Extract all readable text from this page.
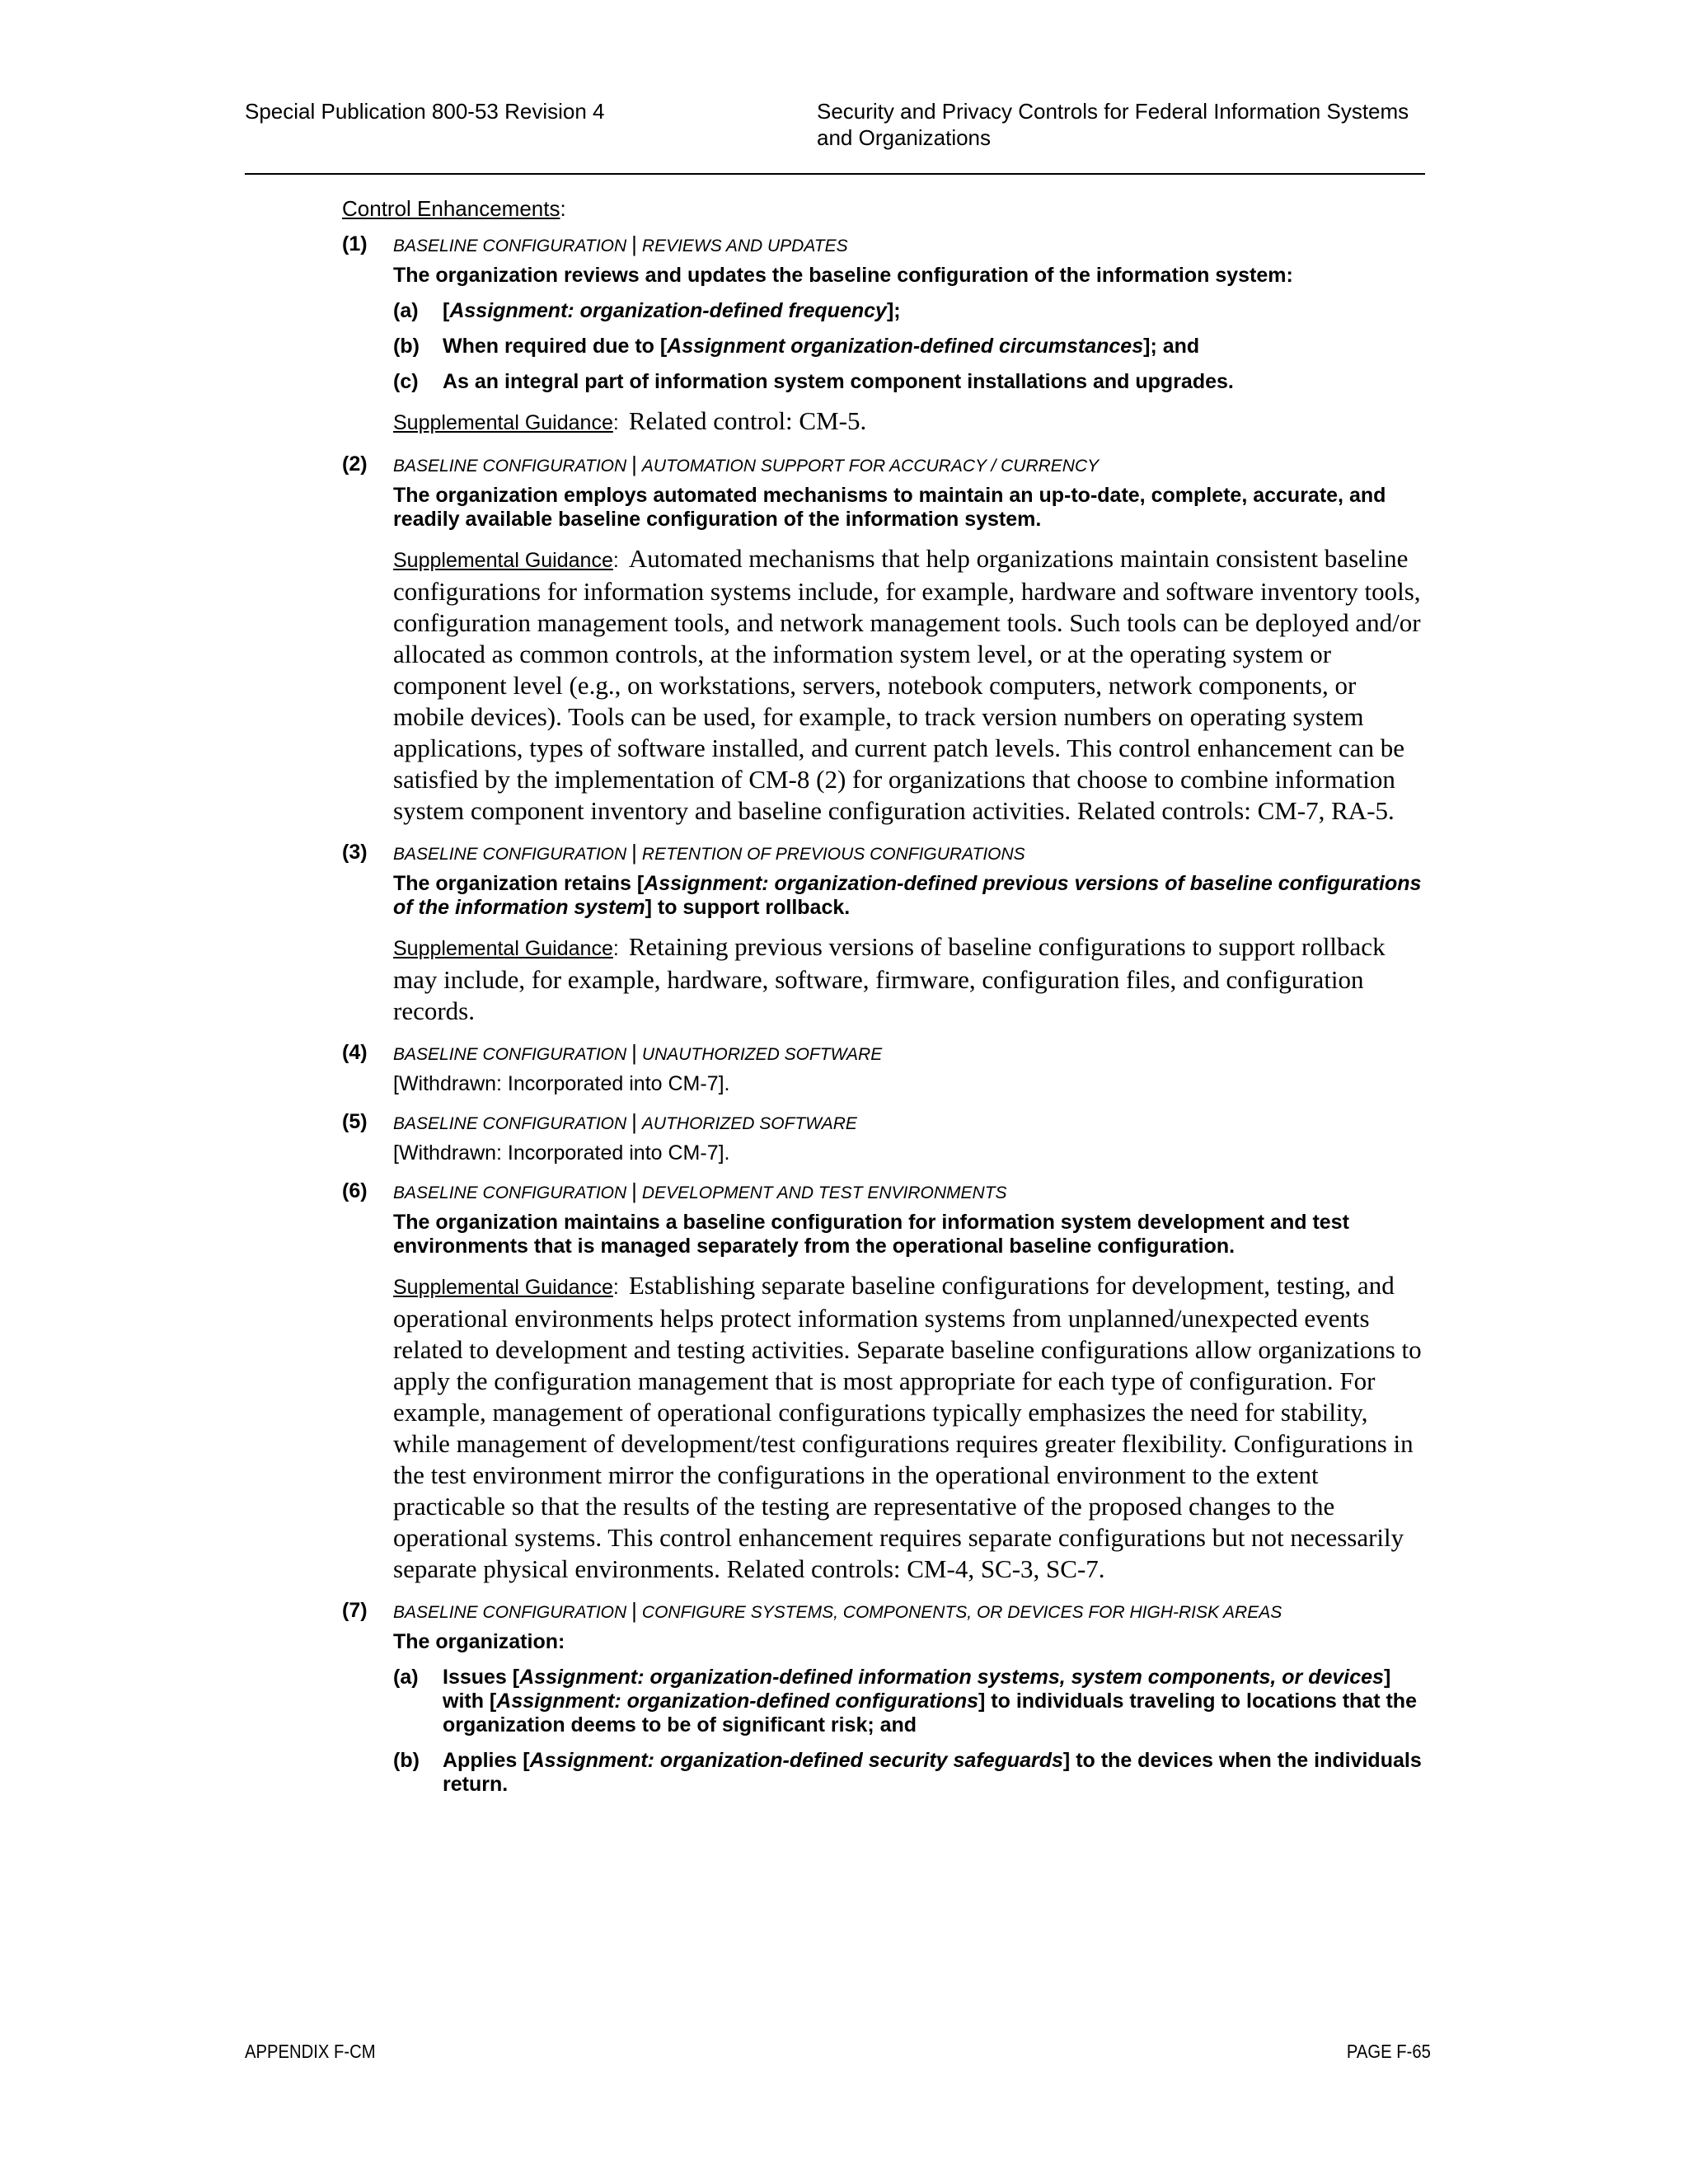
Special Publication 800-53 Revision 4	Security and Privacy Controls for Federal Information Systems
and Organizations
Control Enhancements:
(1) BASELINE CONFIGURATION | REVIEWS AND UPDATES

The organization reviews and updates the baseline configuration of the information system:

(a) [Assignment: organization-defined frequency];
(b) When required due to [Assignment organization-defined circumstances]; and
(c) As an integral part of information system component installations and upgrades.

Supplemental Guidance: Related control: CM-5.

(2) BASELINE CONFIGURATION | AUTOMATION SUPPORT FOR ACCURACY / CURRENCY

The organization employs automated mechanisms to maintain an up-to-date, complete, accurate, and readily available baseline configuration of the information system.

Supplemental Guidance: Automated mechanisms that help organizations maintain consistent baseline configurations for information systems include, for example, hardware and software inventory tools, configuration management tools, and network management tools. Such tools can be deployed and/or allocated as common controls, at the information system level, or at the operating system or component level (e.g., on workstations, servers, notebook computers, network components, or mobile devices). Tools can be used, for example, to track version numbers on operating system applications, types of software installed, and current patch levels. This control enhancement can be satisfied by the implementation of CM-8 (2) for organizations that choose to combine information system component inventory and baseline configuration activities. Related controls: CM-7, RA-5.

(3) BASELINE CONFIGURATION | RETENTION OF PREVIOUS CONFIGURATIONS

The organization retains [Assignment: organization-defined previous versions of baseline configurations of the information system] to support rollback.

Supplemental Guidance: Retaining previous versions of baseline configurations to support rollback may include, for example, hardware, software, firmware, configuration files, and configuration records.

(4) BASELINE CONFIGURATION | UNAUTHORIZED SOFTWARE

[Withdrawn: Incorporated into CM-7].

(5) BASELINE CONFIGURATION | AUTHORIZED SOFTWARE

[Withdrawn: Incorporated into CM-7].

(6) BASELINE CONFIGURATION | DEVELOPMENT AND TEST ENVIRONMENTS

The organization maintains a baseline configuration for information system development and test environments that is managed separately from the operational baseline configuration.

Supplemental Guidance: Establishing separate baseline configurations for development, testing, and operational environments helps protect information systems from unplanned/unexpected events related to development and testing activities. Separate baseline configurations allow organizations to apply the configuration management that is most appropriate for each type of configuration. For example, management of operational configurations typically emphasizes the need for stability, while management of development/test configurations requires greater flexibility. Configurations in the test environment mirror the configurations in the operational environment to the extent practicable so that the results of the testing are representative of the proposed changes to the operational systems. This control enhancement requires separate configurations but not necessarily separate physical environments. Related controls: CM-4, SC-3, SC-7.

(7) BASELINE CONFIGURATION | CONFIGURE SYSTEMS, COMPONENTS, OR DEVICES FOR HIGH-RISK AREAS

The organization:

(a) Issues [Assignment: organization-defined information systems, system components, or devices] with [Assignment: organization-defined configurations] to individuals traveling to locations that the organization deems to be of significant risk; and
(b) Applies [Assignment: organization-defined security safeguards] to the devices when the individuals return.
APPENDIX F-CM	PAGE F-65
